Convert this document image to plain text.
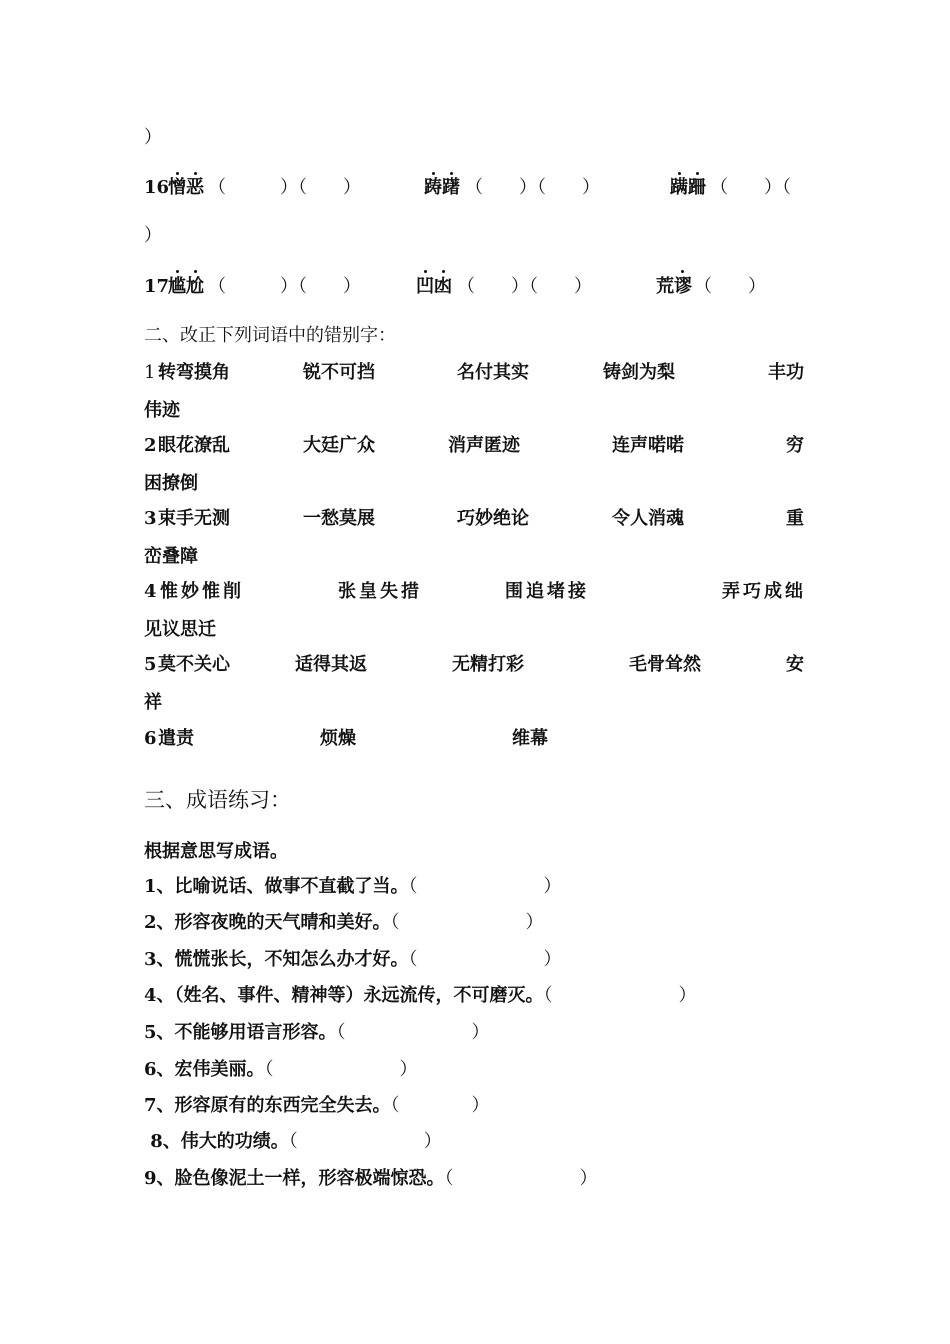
）
16
憎恶 （　　　）（　　）	踌躇 （　　）（　　）	蹒跚 （　　）（
）
17
尴尬 （　　　）（　　）	凹凼 （　　）（　　）	荒谬 （　　）
二、改正下列词语中的错别字：
1 转弯摸角	锐不可挡	名付其实	铸剑为梨	丰功
伟迹
2 眼花潦乱	大廷广众	消声匿迹	连声喏喏	穷
困撩倒
3 束手无测	一愁莫展	巧妙绝论	令人消魂	重
峦叠障
4 惟妙惟削	张皇失措	围追堵接	弄巧成绌
见议思迁
5 莫不关心	适得其返	无精打彩	毛骨耸然	安
祥
6 遣责	烦燥	维幕
三、成语练习：
根据意思写成语。
1、比喻说话、做事不直截了当。（　　　　　　　）
2、形容夜晚的天气晴和美好。（　　　　　　　）
3、慌慌张长，不知怎么办才好。（　　　　　　　）
4、（姓名、事件、精神等）永远流传，不可磨灭。（　　　　　　　）
5、不能够用语言形容。（　　　　　　　）
6、宏伟美丽。（　　　　　　　）
7、形容原有的东西完全失去。（　　　　）
8、伟大的功绩。（　　　　　　　）
9、脸色像泥土一样，形容极端惊恐。（　　　　　　　）
